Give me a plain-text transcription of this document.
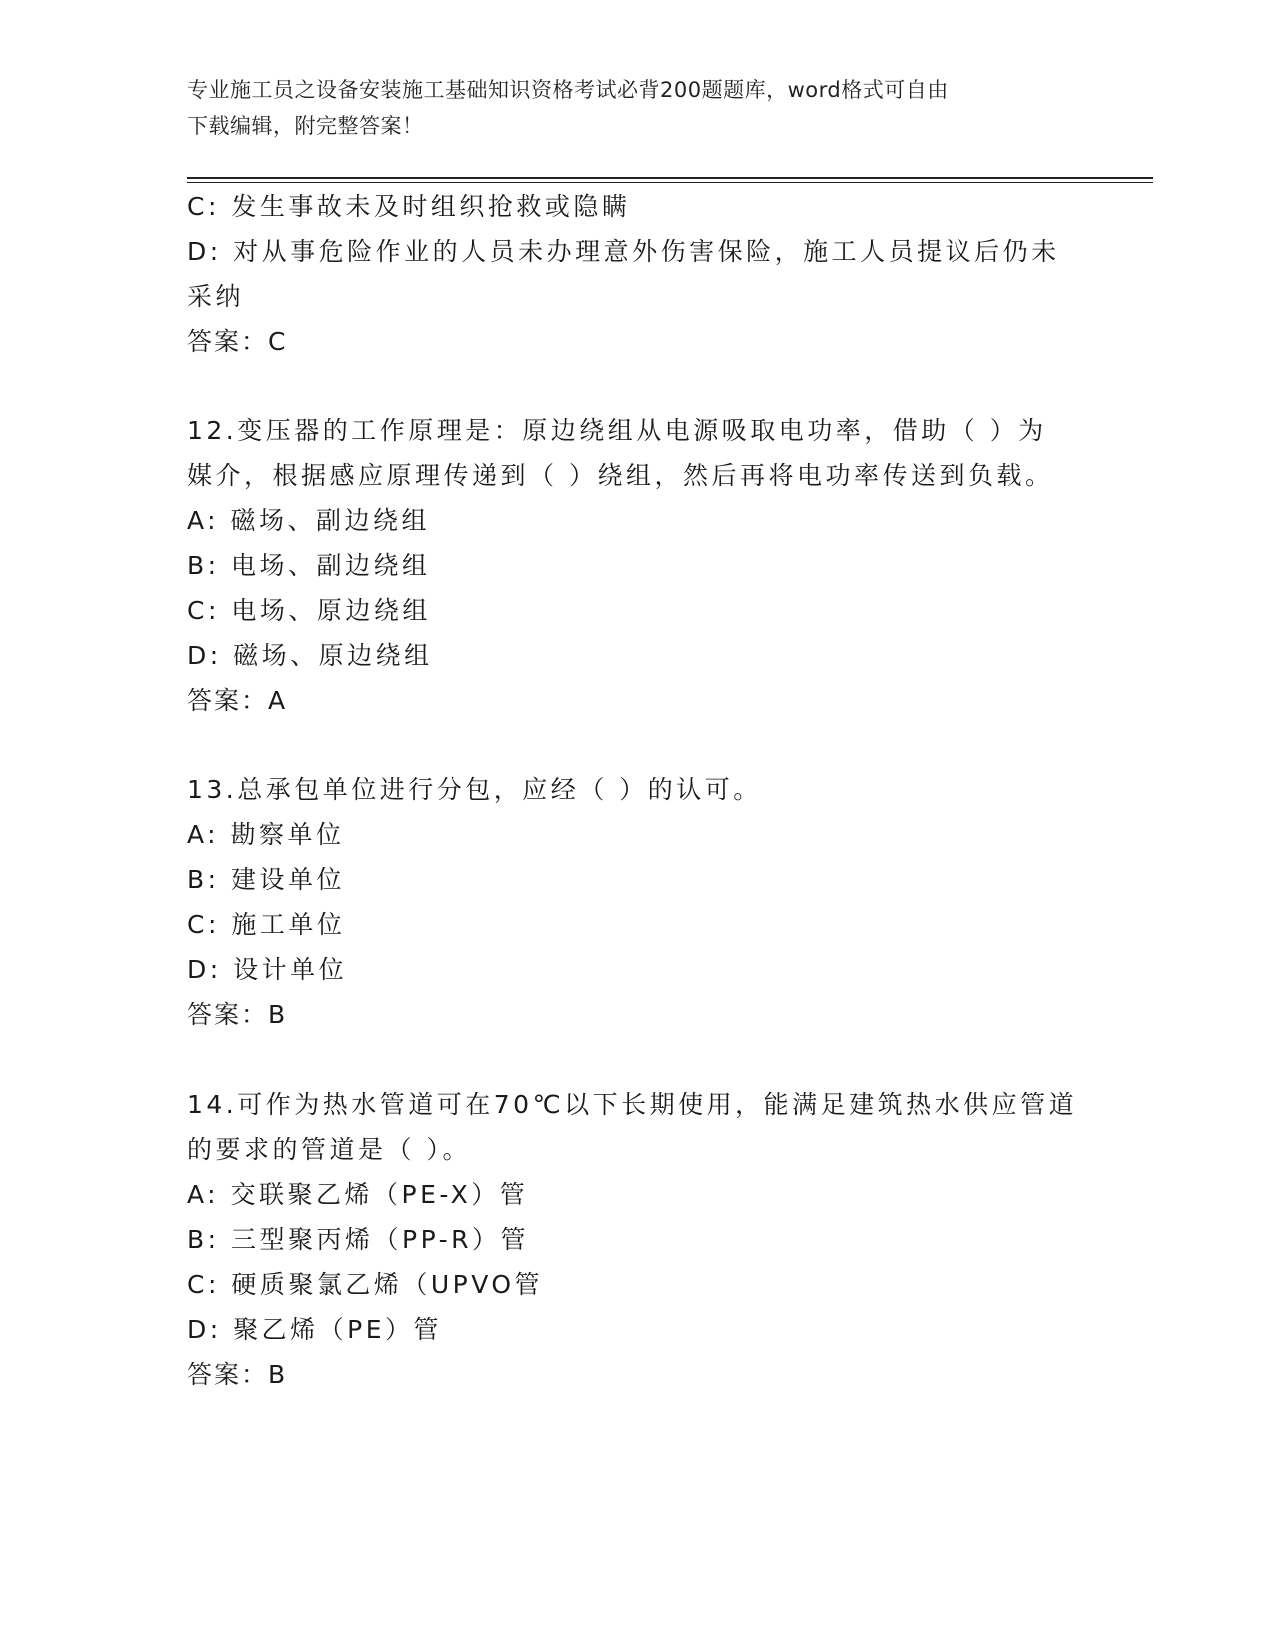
专业施工员之设备安装施工基础知识资格考试必背200题题库，word格式可自由
下载编辑，附完整答案！
C: 发生事故未及时组织抢救或隐瞒
D: 对从事危险作业的人员未办理意外伤害保险，施工人员提议后仍未
采纳
答案：C
12.变压器的工作原理是：原边绕组从电源吸取电功率，借助（ ）为
媒介，根据感应原理传递到（ ）绕组，然后再将电功率传送到负载。
A: 磁场、副边绕组
B: 电场、副边绕组
C: 电场、原边绕组
D: 磁场、原边绕组
答案：A
13.总承包单位进行分包，应经（ ）的认可。
A: 勘察单位
B: 建设单位
C: 施工单位
D: 设计单位
答案：B
14.可作为热水管道可在70℃以下长期使用，能满足建筑热水供应管道
的要求的管道是（ ）。
A: 交联聚乙烯（PE-X）管
B: 三型聚丙烯（PP-R）管
C: 硬质聚氯乙烯（UPVO管
D: 聚乙烯（PE）管
答案：B
